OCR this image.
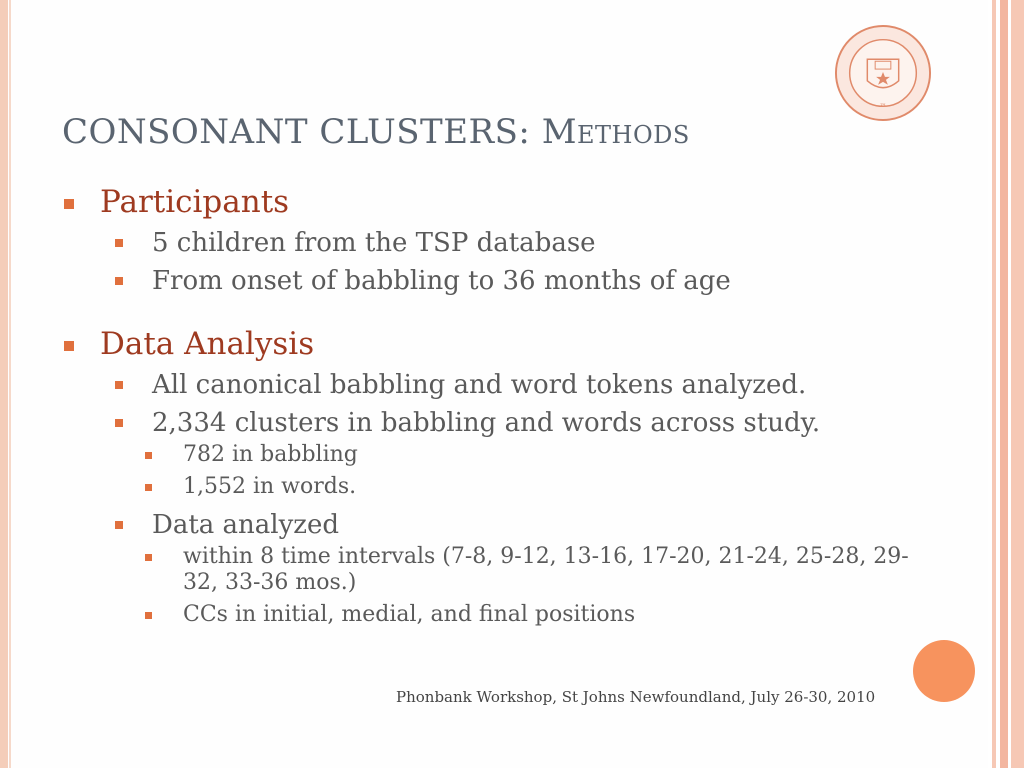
™
CONSONANT CLUSTERS: Methods
Participants
5 children from the TSP database
From onset of babbling to 36 months of age
Data Analysis
All canonical babbling and word tokens analyzed.
2,334 clusters in babbling and words across study.
782 in babbling
1,552 in words.
Data analyzed
within 8 time intervals (7-8, 9-12, 13-16, 17-20, 21-24, 25-28, 29-32, 33-36 mos.)
CCs in initial, medial, and final positions
Phonbank Workshop, St Johns Newfoundland, July 26-30, 2010
